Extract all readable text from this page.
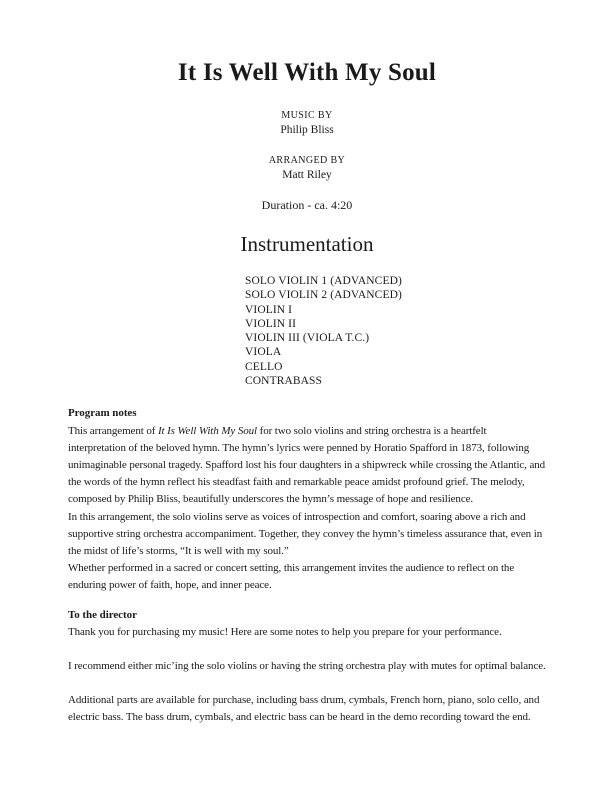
It Is Well With My Soul
MUSIC BY
Philip Bliss
ARRANGED BY
Matt Riley
Duration - ca. 4:20
Instrumentation
SOLO VIOLIN 1 (ADVANCED)
SOLO VIOLIN 2 (ADVANCED)
VIOLIN I
VIOLIN II
VIOLIN III (VIOLA T.C.)
VIOLA
CELLO
CONTRABASS
Program notes

This arrangement of It Is Well With My Soul for two solo violins and string orchestra is a heartfelt interpretation of the beloved hymn. The hymn’s lyrics were penned by Horatio Spafford in 1873, following unimaginable personal tragedy. Spafford lost his four daughters in a shipwreck while crossing the Atlantic, and the words of the hymn reflect his steadfast faith and remarkable peace amidst profound grief. The melody, composed by Philip Bliss, beautifully underscores the hymn’s message of hope and resilience.

In this arrangement, the solo violins serve as voices of introspection and comfort, soaring above a rich and supportive string orchestra accompaniment. Together, they convey the hymn’s timeless assurance that, even in the midst of life’s storms, “It is well with my soul.”

Whether performed in a sacred or concert setting, this arrangement invites the audience to reflect on the enduring power of faith, hope, and inner peace.

To the director

Thank you for purchasing my music! Here are some notes to help you prepare for your performance.

I recommend either mic’ing the solo violins or having the string orchestra play with mutes for optimal balance.

Additional parts are available for purchase, including bass drum, cymbals, French horn, piano, solo cello, and electric bass. The bass drum, cymbals, and electric bass can be heard in the demo recording toward the end.
